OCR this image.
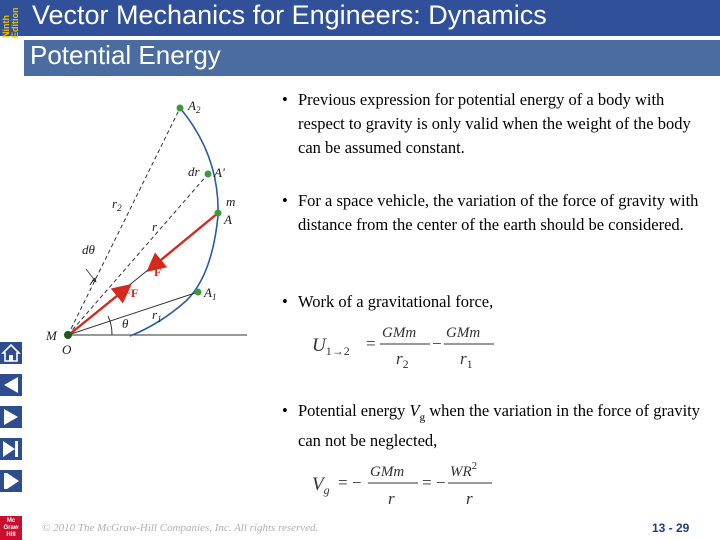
Ninth
Edition Vector Mechanics for Engineers: Dynamics
Potential Energy
Mc
Graw
Hill
$A_2$
dr A'
m
A
$r_2$
r
dθ
$A_1$
$r_1$
θ
M
O
F
−F
• Previous expression for potential energy of a body with respect to gravity is only valid when the weight of the body can be assumed constant.
• For a space vehicle, the variation of the force of gravity with distance from the center of the earth should be considered.
• Work of a gravitational force,
• Potential energy $V_g$ when the variation in the force of gravity can not be neglected,
$U_{1\to 2}$ =
GMm
$r_2$
−
GMm
$r_1$
$V_g$ = −
GMm
r
= −
$WR^2$
r
© 2010 The McGraw-Hill Companies, Inc. All rights reserved.	13 - 29
